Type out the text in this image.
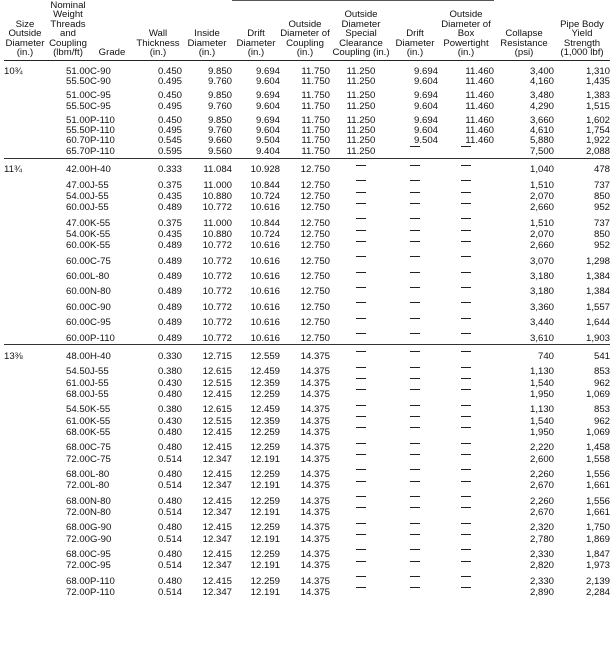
Size Outside Diameter (in.)	Nominal Weight Threads and Coupling (lbm/ft)	Grade	Wall Thickness (in.)	Inside Diameter (in.)	Drift Diameter (in.)	Outside Diameter of Coupling (in.)	Outside Diameter Special Clearance Coupling (in.)	Drift Diameter (in.)	Outside Diameter of Box Powertight (in.)	Collapse Resistance (psi)	Pipe Body Yield Strength (1,000 lbf)
10¾	51.00	C-90	0.450	9.850	9.694	11.750	11.250	9.694	11.460	3,400	1,310
	55.50	C-90	0.495	9.760	9.604	11.750	11.250	9.604	11.460	4,160	1,435

	51.00	C-95	0.450	9.850	9.694	11.750	11.250	9.694	11.460	3,480	1,383
	55.50	C-95	0.495	9.760	9.604	11.750	11.250	9.604	11.460	4,290	1,515

	51.00	P-110	0.450	9.850	9.694	11.750	11.250	9.694	11.460	3,660	1,602
	55.50	P-110	0.495	9.760	9.604	11.750	11.250	9.604	11.460	4,610	1,754
	60.70	P-110	0.545	9.660	9.504	11.750	11.250	9.504	11.460	5,880	1,922
	65.70	P-110	0.595	9.560	9.404	11.750	11.250			7,500	2,088
11¾	42.00	H-40	0.333	11.084	10.928	12.750				1,040	478

	47.00	J-55	0.375	11.000	10.844	12.750				1,510	737
	54.00	J-55	0.435	10.880	10.724	12.750				2,070	850
	60.00	J-55	0.489	10.772	10.616	12.750				2,660	952

	47.00	K-55	0.375	11.000	10.844	12.750				1,510	737
	54.00	K-55	0.435	10.880	10.724	12.750				2,070	850
	60.00	K-55	0.489	10.772	10.616	12.750				2,660	952

	60.00	C-75	0.489	10.772	10.616	12.750				3,070	1,298

	60.00	L-80	0.489	10.772	10.616	12.750				3,180	1,384

	60.00	N-80	0.489	10.772	10.616	12.750				3,180	1,384

	60.00	C-90	0.489	10.772	10.616	12.750				3,360	1,557

	60.00	C-95	0.489	10.772	10.616	12.750				3,440	1,644

	60.00	P-110	0.489	10.772	10.616	12.750				3,610	1,903
13⅜	48.00	H-40	0.330	12.715	12.559	14.375				740	541

	54.50	J-55	0.380	12.615	12.459	14.375				1,130	853
	61.00	J-55	0.430	12.515	12.359	14.375				1,540	962
	68.00	J-55	0.480	12.415	12.259	14.375				1,950	1,069

	54.50	K-55	0.380	12.615	12.459	14.375				1,130	853
	61.00	K-55	0.430	12.515	12.359	14.375				1,540	962
	68.00	K-55	0.480	12.415	12.259	14.375				1,950	1,069

	68.00	C-75	0.480	12.415	12.259	14.375				2,220	1,458
	72.00	C-75	0.514	12.347	12.191	14.375				2,600	1,558

	68.00	L-80	0.480	12.415	12.259	14.375				2,260	1,556
	72.00	L-80	0.514	12.347	12.191	14.375				2,670	1,661

	68.00	N-80	0.480	12.415	12.259	14.375				2,260	1,556
	72.00	N-80	0.514	12.347	12.191	14.375				2,670	1,661

	68.00	G-90	0.480	12.415	12.259	14.375				2,320	1,750
	72.00	G-90	0.514	12.347	12.191	14.375				2,780	1,869

	68.00	C-95	0.480	12.415	12.259	14.375				2,330	1,847
	72.00	C-95	0.514	12.347	12.191	14.375				2,820	1,973

	68.00	P-110	0.480	12.415	12.259	14.375				2,330	2,139
	72.00	P-110	0.514	12.347	12.191	14.375				2,890	2,284
